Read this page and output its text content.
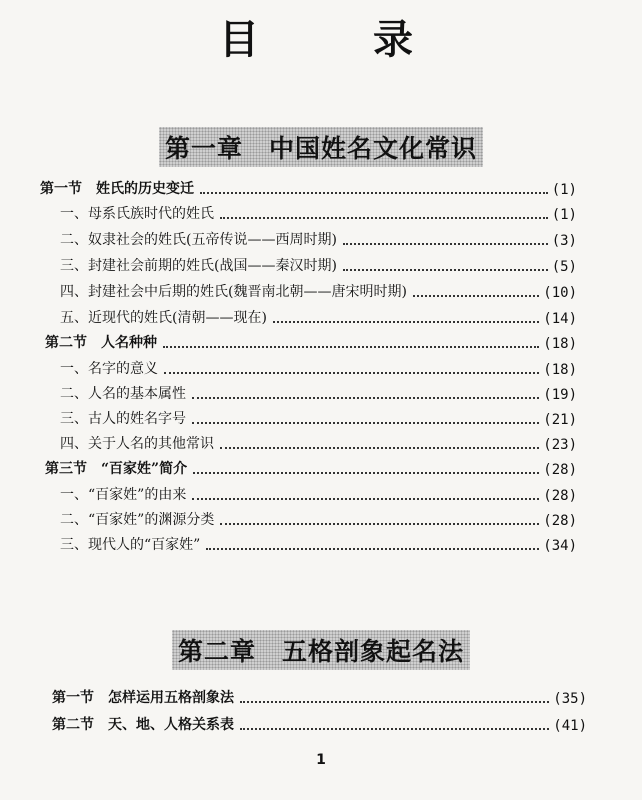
目 录
第一章　中国姓名文化常识
第一节 姓氏的历史变迁	(1)
一、母系氏族时代的姓氏	(1)
二、奴隶社会的姓氏(五帝传说——西周时期)	(3)
三、封建社会前期的姓氏(战国——秦汉时期)	(5)
四、封建社会中后期的姓氏(魏晋南北朝——唐宋明时期)	(10)
五、近现代的姓氏(清朝——现在)	(14)
第二节 人名种种	(18)
一、名字的意义	(18)
二、人名的基本属性	(19)
三、古人的姓名字号	(21)
四、关于人名的其他常识	(23)
第三节 “百家姓”简介	(28)
一、“百家姓”的由来	(28)
二、“百家姓”的渊源分类	(28)
三、现代人的“百家姓”	(34)
第二章　五格剖象起名法
第一节 怎样运用五格剖象法	(35)
第二节 天、地、人格关系表	(41)
1
